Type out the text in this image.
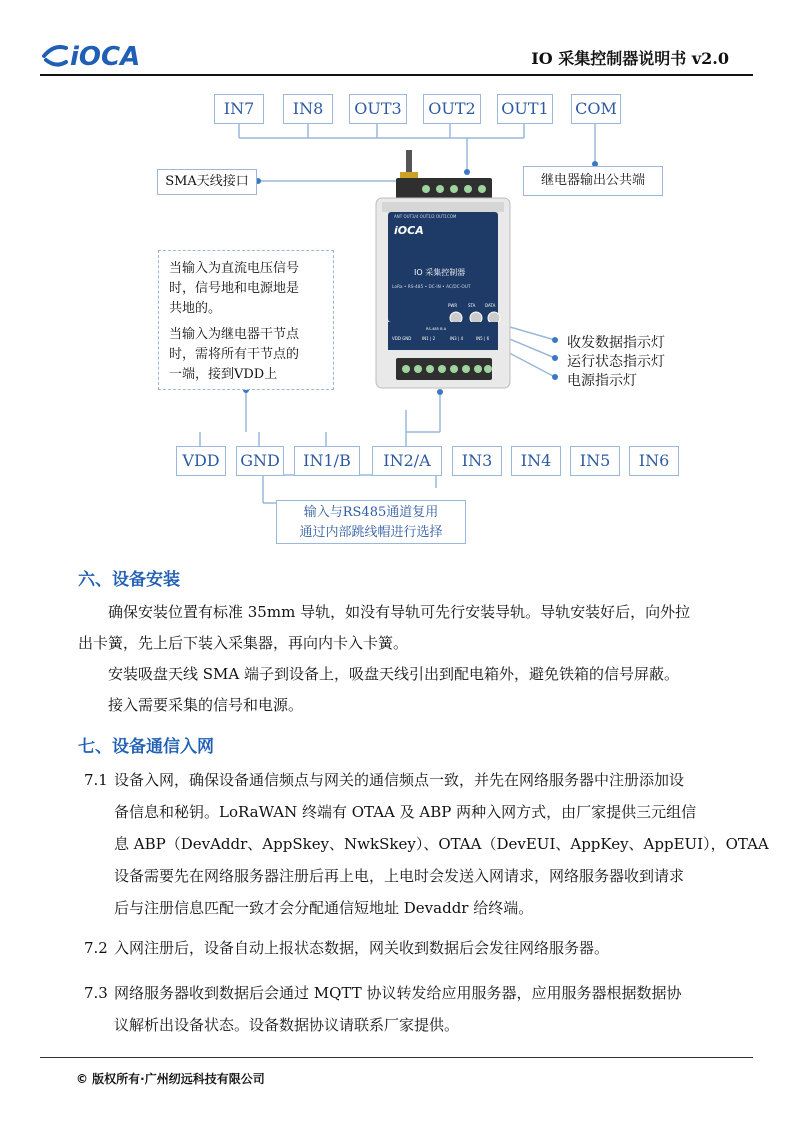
iOCA	IO 采集控制器说明书 v2.0
IN7	IN8	OUT3	OUT2	OUT1 COM
SMA天线接口	继电器输出公共端
当输入为直流电压信号
时，信号地和电源地是
共地的。
当输入为继电器干节点
时，需将所有干节点的
一端，接到VDD上
iOCA
IO 采集控制器
LoRa • RS-485 • DC-IN • AC/DC-OUT
ANT OUT3/4 OUT1/2 OUT1COM
PWR	STA DATA
RS-485 B A
VDD GND	IN1 | 2	IN3 | 4	IN5 | 6	收发数据指示灯
运行状态指示灯
电源指示灯
VDD	GND	IN1/B	IN2/A	IN3	IN4	IN5	IN6
输入与RS485通道复用
通过内部跳线帽进行选择
六、设备安装
确保安装位置有标准 35mm 导轨，如没有导轨可先行安装导轨。导轨安装好后，向外拉
出卡簧，先上后下装入采集器，再向内卡入卡簧。
安装吸盘天线 SMA 端子到设备上，吸盘天线引出到配电箱外，避免铁箱的信号屏蔽。
接入需要采集的信号和电源。
七、设备通信入网
7.1 设备入网，确保设备通信频点与网关的通信频点一致，并先在网络服务器中注册添加设
备信息和秘钥。LoRaWAN 终端有 OTAA 及 ABP 两种入网方式，由厂家提供三元组信
息 ABP（DevAddr、AppSkey、NwkSkey）、OTAA（DevEUI、AppKey、AppEUI），OTAA
设备需要先在网络服务器注册后再上电，上电时会发送入网请求，网络服务器收到请求
后与注册信息匹配一致才会分配通信短地址 Devaddr 给终端。
7.2 入网注册后，设备自动上报状态数据，网关收到数据后会发往网络服务器。
7.3 网络服务器收到数据后会通过 MQTT 协议转发给应用服务器，应用服务器根据数据协
议解析出设备状态。设备数据协议请联系厂家提供。
© 版权所有·广州纫远科技有限公司
